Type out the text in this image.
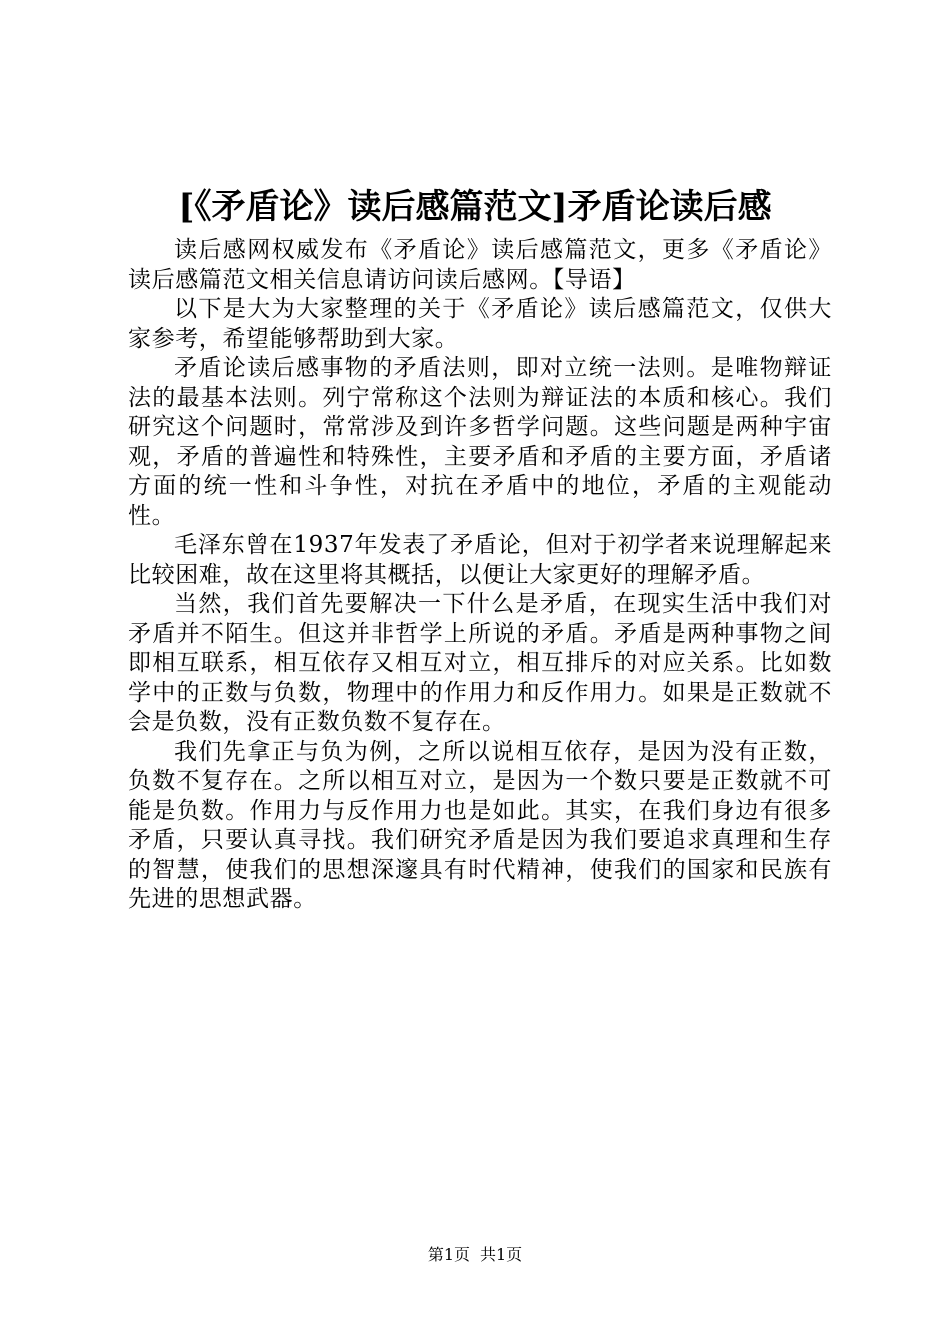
[《矛盾论》读后感篇范文]矛盾论读后感

读后感网权威发布《矛盾论》读后感篇范文，更多《矛盾论》读后感篇范文相关信息请访问读后感网。【导语】

以下是大为大家整理的关于《矛盾论》读后感篇范文，仅供大家参考，希望能够帮助到大家。

矛盾论读后感事物的矛盾法则，即对立统一法则。是唯物辩证法的最基本法则。列宁常称这个法则为辩证法的本质和核心。我们研究这个问题时，常常涉及到许多哲学问题。这些问题是两种宇宙观，矛盾的普遍性和特殊性，主要矛盾和矛盾的主要方面，矛盾诸方面的统一性和斗争性，对抗在矛盾中的地位，矛盾的主观能动性。

毛泽东曾在1937年发表了矛盾论，但对于初学者来说理解起来比较困难，故在这里将其概括，以便让大家更好的理解矛盾。

当然，我们首先要解决一下什么是矛盾，在现实生活中我们对矛盾并不陌生。但这并非哲学上所说的矛盾。矛盾是两种事物之间即相互联系，相互依存又相互对立，相互排斥的对应关系。比如数学中的正数与负数，物理中的作用力和反作用力。如果是正数就不会是负数，没有正数负数不复存在。

我们先拿正与负为例，之所以说相互依存，是因为没有正数，负数不复存在。之所以相互对立，是因为一个数只要是正数就不可能是负数。作用力与反作用力也是如此。其实，在我们身边有很多矛盾，只要认真寻找。我们研究矛盾是因为我们要追求真理和生存的智慧，使我们的思想深邃具有时代精神，使我们的国家和民族有先进的思想武器。

第1页 共1页
